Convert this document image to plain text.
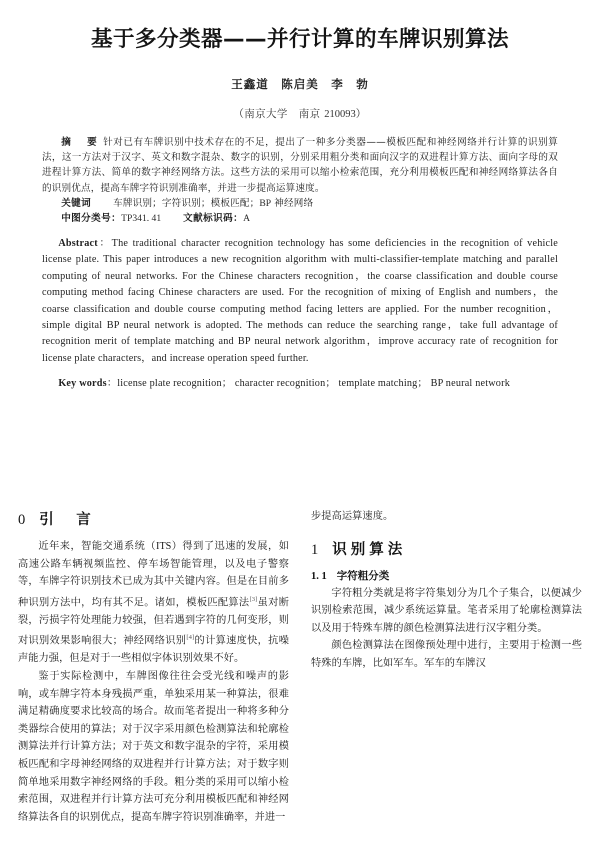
基于多分类器——并行计算的车牌识别算法
王鑫道　陈启美　李　勃
（南京大学　南京 210093）
摘　要 针对已有车牌识别中技术存在的不足，提出了一种多分类器——模板匹配和神经网络并行计算的识别算法，这一方法对于汉字、英文和数字混杂、数字的识别，分别采用粗分类和面向汉字的双进程计算方法、面向字母的双进程计算方法、简单的数字神经网络方法。这些方法的采用可以缩小检索范围，充分利用模板匹配和神经网络算法各自的识别优点，提高车牌字符识别准确率，并进一步提高运算速度。
关键词 车牌识别；字符识别；模板匹配；BP 神经网络
中图分类号：TP341. 41 文献标识码：A
Abstract：The traditional character recognition technology has some deficiencies in the recognition of vehicle license plate. This paper introduces a new recognition algorithm with multi-classifier-template matching and parallel computing of neural networks. For the Chinese characters recognition，the coarse classification and double course computing method facing Chinese characters are used. For the recognition of mixing of English and numbers，the coarse classification and double course computing method facing letters are applied. For the number recognition，simple digital BP neural network is adopted. The methods can reduce the searching range，take full advantage of recognition merit of template matching and BP neural network algorithm，improve accuracy rate of recognition for license plate characters，and increase operation speed further.
Key words：license plate recognition； character recognition； template matching； BP neural network
0 引　言

近年来，智能交通系统（ITS）得到了迅速的发展，如高速公路车辆视频监控、停车场智能管理，以及电子警察等，车牌字符识别技术已成为其中关键内容。但是在目前多种识别方法中，均有其不足。诸如，模板匹配算法[3]虽对断裂，污损字符处理能力较强，但若遇到字符的几何变形，则对识别效果影响很大；神经网络识别[4]的计算速度快，抗噪声能力强，但是对于一些相似字体识别效果不好。

鉴于实际检测中，车牌图像往往会受光线和噪声的影响，或车牌字符本身残损严重，单独采用某一种算法，很难满足精确度要求比较高的场合。故而笔者提出一种将多种分类器综合使用的算法；对于汉字采用颜色检测算法和轮廓检测算法并行计算方法；对于英文和数字混杂的字符，采用模板匹配和字母神经网络的双进程并行计算方法；对于数字则简单地采用数字神经网络的手段。粗分类的采用可以缩小检索范围，双进程并行计算方法可充分利用模板匹配和神经网络算法各自的识别优点，提高车牌字符识别准确率，并进一

步提高运算速度。

1 识别算法
1. 1 字符粗分类

字符粗分类就是将字符集划分为几个子集合，以便减少识别检索范围，减少系统运算量。笔者采用了轮廓检测算法以及用于特殊车牌的颜色检测算法进行汉字粗分类。

颜色检测算法在图像预处理中进行，主要用于检测一些特殊的车牌，比如军车。军车的车牌汉
